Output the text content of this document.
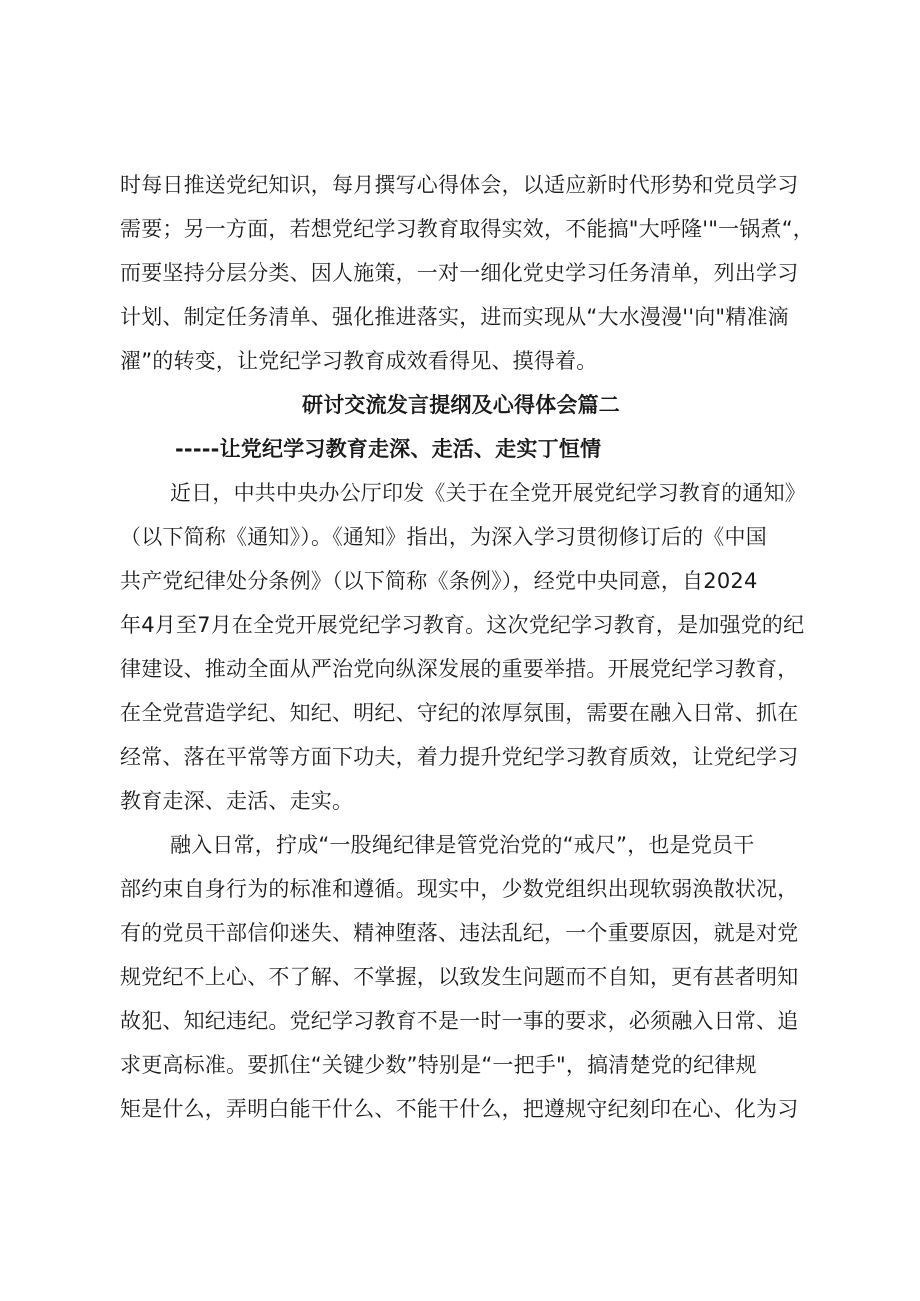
时每日推送党纪知识，每月撰写心得体会，以适应新时代形势和党员学习
需要；另一方面，若想党纪学习教育取得实效，不能搞"大呼隆'"一锅煮“，
而要坚持分层分类、因人施策，一对一细化党史学习任务清单，列出学习
计划、制定任务清单、强化推进落实，进而实现从“大水漫漫''向"精准滴
濯”的转变，让党纪学习教育成效看得见、摸得着。
研讨交流发言提纲及心得体会篇二
-----让党纪学习教育走深、走活、走实丁恒情
近日，中共中央办公厅印发《关于在全党开展党纪学习教育的通知》
（以下简称《通知》）。《通知》指出，为深入学习贯彻修订后的《中国
共产党纪律处分条例》（以下简称《条例》），经党中央同意，自2024
年4月至7月在全党开展党纪学习教育。这次党纪学习教育，是加强党的纪
律建设、推动全面从严治党向纵深发展的重要举措。开展党纪学习教育，
在全党营造学纪、知纪、明纪、守纪的浓厚氛围，需要在融入日常、抓在
经常、落在平常等方面下功夫，着力提升党纪学习教育质效，让党纪学习
教育走深、走活、走实。
融入日常，拧成“一股绳纪律是管党治党的“戒尺”，也是党员干
部约束自身行为的标准和遵循。现实中，少数党组织出现软弱涣散状况，
有的党员干部信仰迷失、精神堕落、违法乱纪，一个重要原因，就是对党
规党纪不上心、不了解、不掌握，以致发生问题而不自知，更有甚者明知
故犯、知纪违纪。党纪学习教育不是一时一事的要求，必须融入日常、追
求更高标准。要抓住“关键少数”特别是“一把手"，搞清楚党的纪律规
矩是什么，弄明白能干什么、不能干什么，把遵规守纪刻印在心、化为习
